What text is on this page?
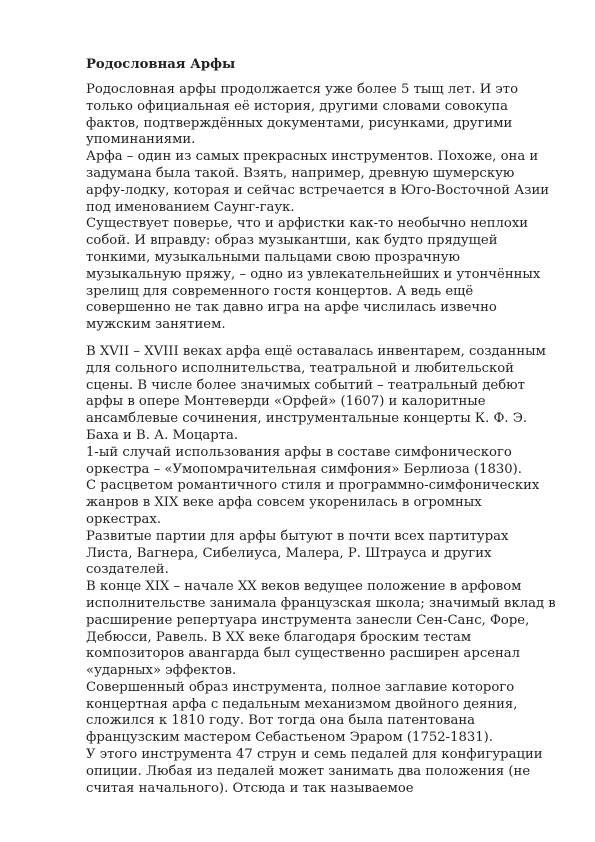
Родословная Арфы

Родословная арфы продолжается уже более 5 тыщ лет. И это только официальная её история, другими словами совокупа фактов, подтверждённых документами, рисунками, другими упоминаниями.

Арфа – один из самых прекрасных инструментов. Похоже, она и задумана была такой. Взять, например, древную шумерскую арфу-лодку, которая и сейчас встречается в Юго-Восточной Азии под именованием Саунг-гаук.

Существует поверье, что и арфистки как-то необычно неплохи собой. И вправду: образ музыкантши, как будто прядущей тонкими, музыкальными пальцами свою прозрачную музыкальную пряжу, – одно из увлекательнейших и утончённых зрелищ для современного гостя концертов. А ведь ещё совершенно не так давно игра на арфе числилась извечно мужским занятием.

В XVII – XVIII веках арфа ещё оставалась инвентарем, созданным для сольного исполнительства, театральной и любительской сцены. В числе более значимых событий – театральный дебют арфы в опере Монтеверди «Орфей» (1607) и калоритные ансамблевые сочинения, инструментальные концерты К. Ф. Э. Баха и В. А. Моцарта.

1-ый случай использования арфы в составе симфонического оркестра – «Умопомрачительная симфония» Берлиоза (1830).

С расцветом романтичного стиля и программно-симфонических жанров в XIX веке арфа совсем укоренилась в огромных оркестрах.

Развитые партии для арфы бытуют в почти всех партитурах Листа, Вагнера, Сибелиуса, Малера, Р. Штрауса и других создателей.

В конце XIX – начале XX веков ведущее положение в арфовом исполнительстве занимала французская школа; значимый вклад в расширение репертуара инструмента занесли Сен-Санс, Форе, Дебюсси, Равель. В XX веке благодаря броским тестам композиторов авангарда был существенно расширен арсенал «ударных» эффектов.

Совершенный образ инструмента, полное заглавие которого концертная арфа с педальным механизмом двойного деяния, сложился к 1810 году. Вот тогда она была патентована французским мастером Себастьеном Эраром (1752-1831).

У этого инструмента 47 струн и семь педалей для конфигурации опиции. Любая из педалей может занимать два положения (не считая начального). Отсюда и так называемое
